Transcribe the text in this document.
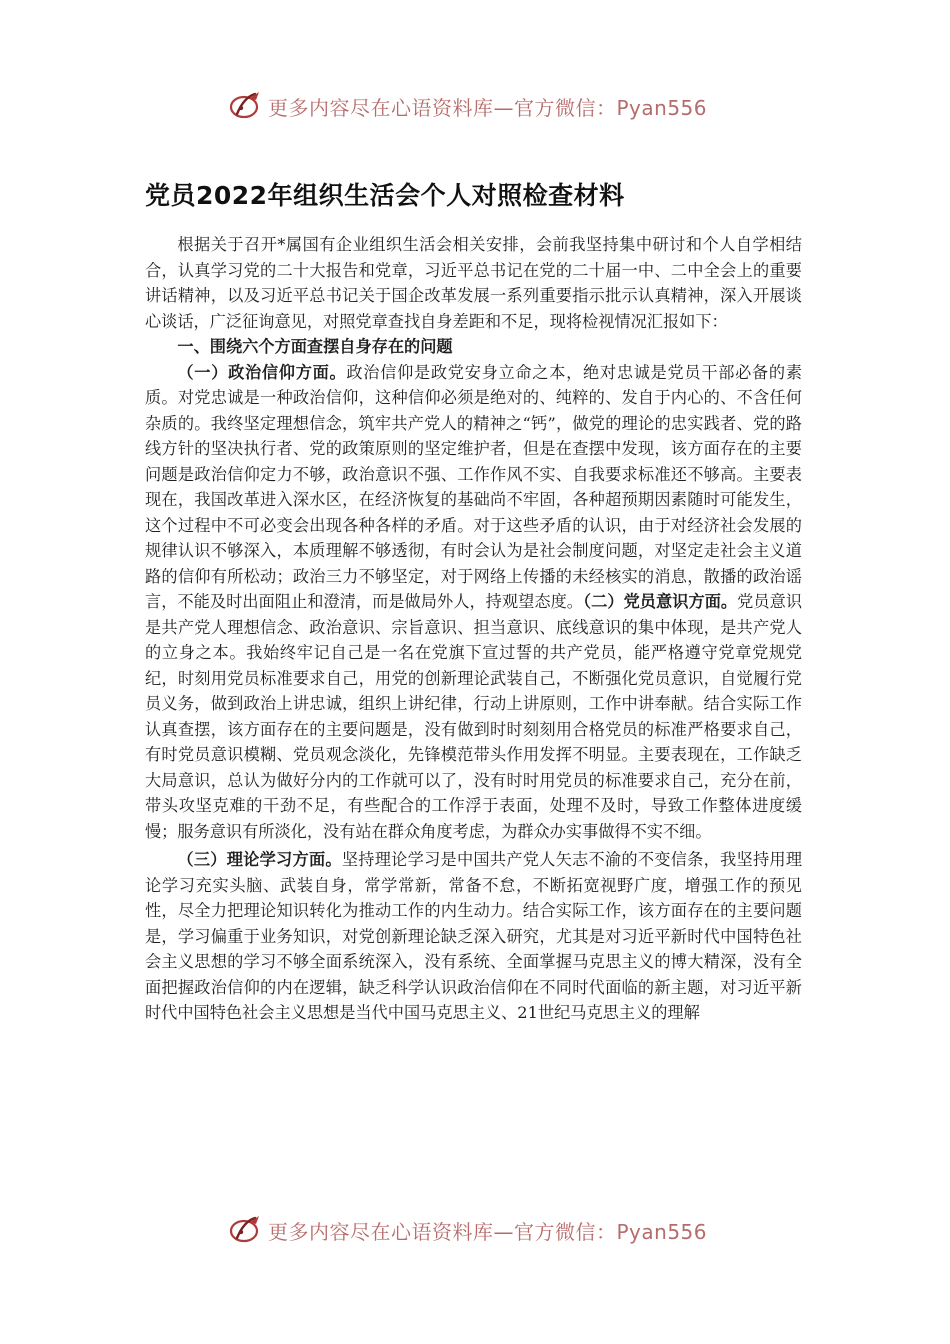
更多内容尽在心语资料库—官方微信：Pyan556
党员2022年组织生活会个人对照检查材料

根据关于召开*属国有企业组织生活会相关安排，会前我坚持集中研讨和个人自学相结合，认真学习党的二十大报告和党章，习近平总书记在党的二十届一中、二中全会上的重要讲话精神，以及习近平总书记关于国企改革发展一系列重要指示批示认真精神，深入开展谈心谈话，广泛征询意见，对照党章查找自身差距和不足，现将检视情况汇报如下：

一、围绕六个方面查摆自身存在的问题

（一）政治信仰方面。政治信仰是政党安身立命之本，绝对忠诚是党员干部必备的素质。对党忠诚是一种政治信仰，这种信仰必须是绝对的、纯粹的、发自于内心的、不含任何杂质的。我终坚定理想信念，筑牢共产党人的精神之“钙”，做党的理论的忠实践者、党的路线方针的坚决执行者、党的政策原则的坚定维护者，但是在查摆中发现，该方面存在的主要问题是政治信仰定力不够，政治意识不强、工作作风不实、自我要求标准还不够高。主要表现在，我国改革进入深水区，在经济恢复的基础尚不牢固，各种超预期因素随时可能发生，这个过程中不可必变会出现各种各样的矛盾。对于这些矛盾的认识，由于对经济社会发展的规律认识不够深入，本质理解不够透彻，有时会认为是社会制度问题，对坚定走社会主义道路的信仰有所松动；政治三力不够坚定，对于网络上传播的未经核实的消息，散播的政治谣言，不能及时出面阻止和澄清，而是做局外人，持观望态度。（二）党员意识方面。党员意识是共产党人理想信念、政治意识、宗旨意识、担当意识、底线意识的集中体现，是共产党人的立身之本。我始终牢记自己是一名在党旗下宣过誓的共产党员，能严格遵守党章党规党纪，时刻用党员标准要求自己，用党的创新理论武装自己，不断强化党员意识，自觉履行党员义务，做到政治上讲忠诚，组织上讲纪律，行动上讲原则，工作中讲奉献。结合实际工作认真查摆，该方面存在的主要问题是，没有做到时时刻刻用合格党员的标准严格要求自己，有时党员意识模糊、党员观念淡化，先锋模范带头作用发挥不明显。主要表现在，工作缺乏大局意识，总认为做好分内的工作就可以了，没有时时用党员的标准要求自己，充分在前，带头攻坚克难的干劲不足，有些配合的工作浮于表面，处理不及时，导致工作整体进度缓慢；服务意识有所淡化，没有站在群众角度考虑，为群众办实事做得不实不细。

（三）理论学习方面。坚持理论学习是中国共产党人矢志不渝的不变信条，我坚持用理论学习充实头脑、武装自身，常学常新，常备不怠，不断拓宽视野广度，增强工作的预见性，尽全力把理论知识转化为推动工作的内生动力。结合实际工作，该方面存在的主要问题是，学习偏重于业务知识，对党创新理论缺乏深入研究，尤其是对习近平新时代中国特色社会主义思想的学习不够全面系统深入，没有系统、全面掌握马克思主义的博大精深，没有全面把握政治信仰的内在逻辑，缺乏科学认识政治信仰在不同时代面临的新主题，对习近平新时代中国特色社会主义思想是当代中国马克思主义、21世纪马克思主义的理解

更多内容尽在心语资料库—官方微信：Pyan556
